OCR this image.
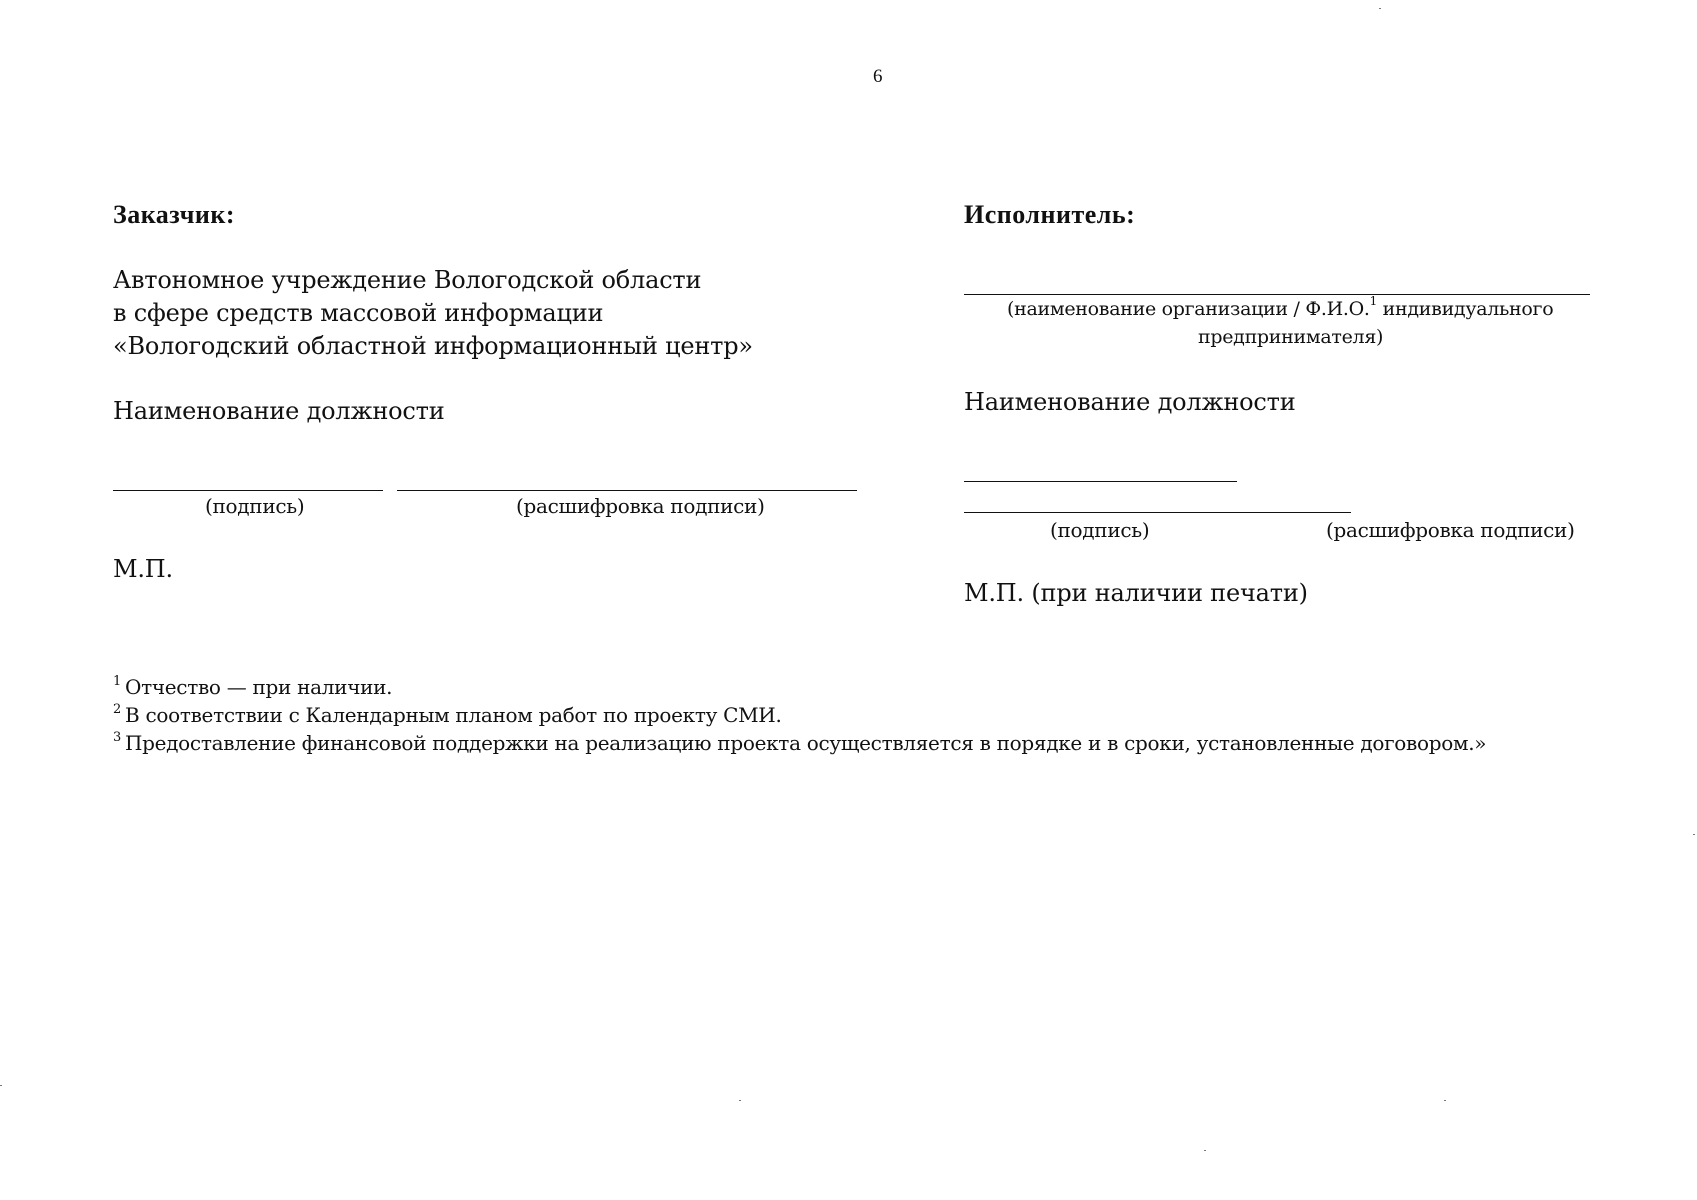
6
Заказчик:
Автономное учреждение Вологодской области
в сфере средств массовой информации
«Вологодский областной информационный центр»
Наименование должности
(подпись)	(расшифровка подписи)
М.П.
Исполнитель:
(наименование организации / Ф.И.О.$^1$ индивидуального
предпринимателя)
Наименование должности
(подпись)	(расшифровка подписи)
М.П. (при наличии печати)
$^1$ Отчество — при наличии.
$^2$ В соответствии с Календарным планом работ по проекту СМИ.
$^3$ Предоставление финансовой поддержки на реализацию проекта осуществляется в порядке и в сроки, установленные договором.»
